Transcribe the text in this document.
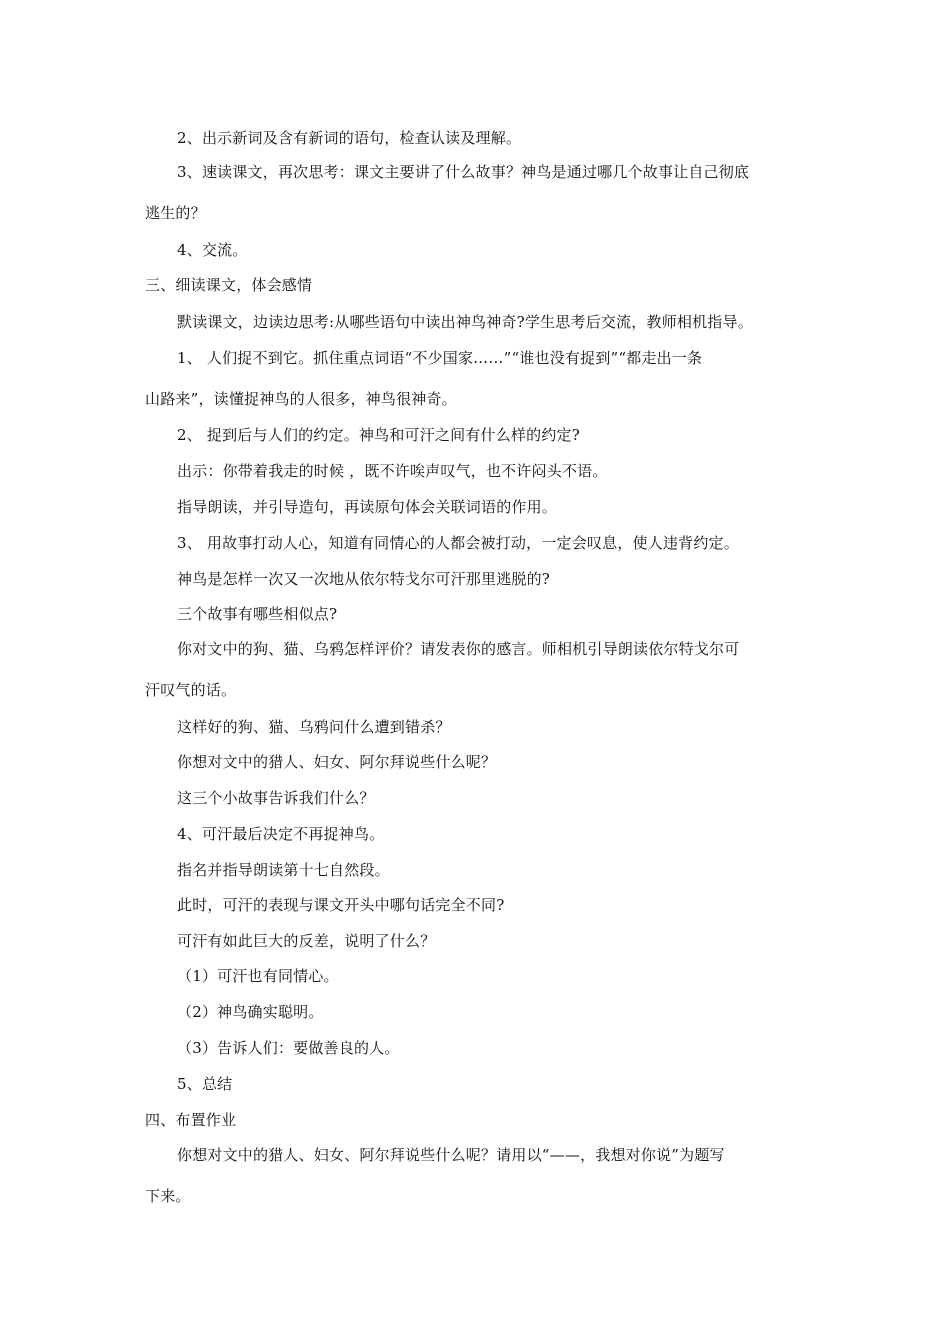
2、出示新词及含有新词的语句，检查认读及理解。
3、速读课文，再次思考：课文主要讲了什么故事？神鸟是通过哪几个故事让自己彻底
逃生的？
4、交流。
三、细读课文，体会感情
默读课文，边读边思考:从哪些语句中读出神鸟神奇?学生思考后交流，教师相机指导。
1、 人们捉不到它。抓住重点词语“不少国家……”“谁也没有捉到”“都走出一条
山路来”，读懂捉神鸟的人很多，神鸟很神奇。
2、 捉到后与人们的约定。神鸟和可汗之间有什么样的约定?
出示：你带着我走的时候 ，既不许唉声叹气，也不许闷头不语。
指导朗读，并引导造句，再读原句体会关联词语的作用。
3、 用故事打动人心，知道有同情心的人都会被打动，一定会叹息，使人违背约定。
神鸟是怎样一次又一次地从依尔特戈尔可汗那里逃脱的?
三个故事有哪些相似点?
你对文中的狗、猫、乌鸦怎样评价？请发表你的感言。师相机引导朗读依尔特戈尔可
汗叹气的话。
这样好的狗、猫、乌鸦问什么遭到错杀？
你想对文中的猎人、妇女、阿尔拜说些什么呢？
这三个小故事告诉我们什么？
4、可汗最后决定不再捉神鸟。
指名并指导朗读第十七自然段。
此时，可汗的表现与课文开头中哪句话完全不同?
可汗有如此巨大的反差，说明了什么？
（1）可汗也有同情心。
（2）神鸟确实聪明。
（3）告诉人们：要做善良的人。
5、总结
四、布置作业
你想对文中的猎人、妇女、阿尔拜说些什么呢？请用以“——，我想对你说”为题写
下来。
